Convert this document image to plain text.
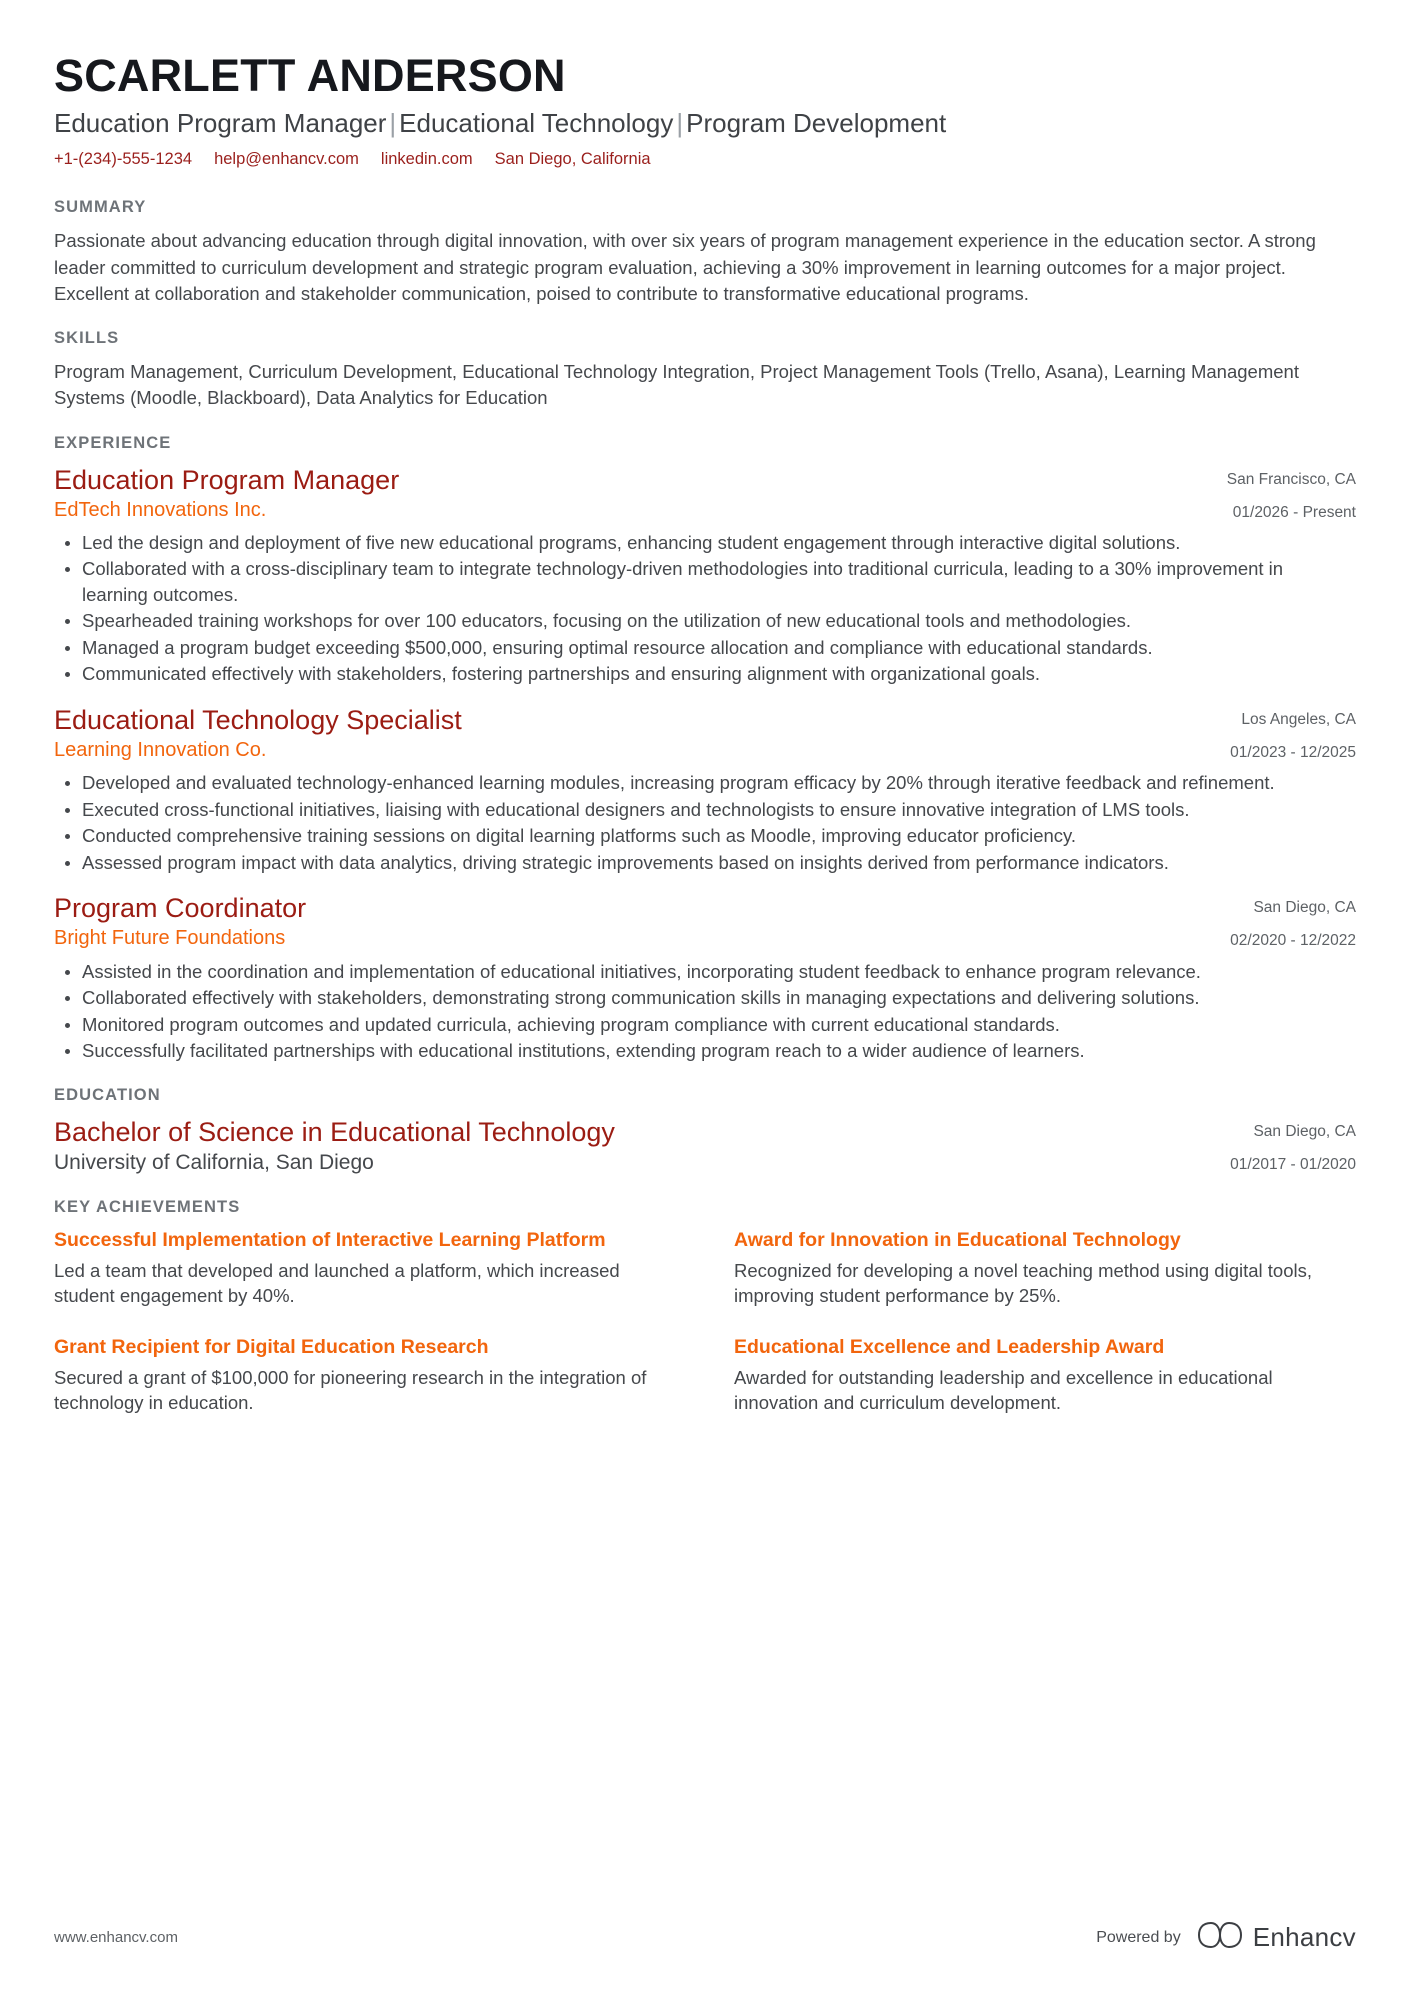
SCARLETT ANDERSON
Education Program Manager | Educational Technology | Program Development
+1-(234)-555-1234 help@enhancv.com linkedin.com San Diego, California
SUMMARY
Passionate about advancing education through digital innovation, with over six years of program management experience in the education sector. A strong leader committed to curriculum development and strategic program evaluation, achieving a 30% improvement in learning outcomes for a major project. Excellent at collaboration and stakeholder communication, poised to contribute to transformative educational programs.
SKILLS
Program Management, Curriculum Development, Educational Technology Integration, Project Management Tools (Trello, Asana), Learning Management Systems (Moodle, Blackboard), Data Analytics for Education
EXPERIENCE
Education Program Manager
EdTech Innovations Inc.
San Francisco, CA
01/2026 - Present
Led the design and deployment of five new educational programs, enhancing student engagement through interactive digital solutions.
Collaborated with a cross-disciplinary team to integrate technology-driven methodologies into traditional curricula, leading to a 30% improvement in learning outcomes.
Spearheaded training workshops for over 100 educators, focusing on the utilization of new educational tools and methodologies.
Managed a program budget exceeding $500,000, ensuring optimal resource allocation and compliance with educational standards.
Communicated effectively with stakeholders, fostering partnerships and ensuring alignment with organizational goals.
Educational Technology Specialist
Learning Innovation Co.
Los Angeles, CA
01/2023 - 12/2025
Developed and evaluated technology-enhanced learning modules, increasing program efficacy by 20% through iterative feedback and refinement.
Executed cross-functional initiatives, liaising with educational designers and technologists to ensure innovative integration of LMS tools.
Conducted comprehensive training sessions on digital learning platforms such as Moodle, improving educator proficiency.
Assessed program impact with data analytics, driving strategic improvements based on insights derived from performance indicators.
Program Coordinator
Bright Future Foundations
San Diego, CA
02/2020 - 12/2022
Assisted in the coordination and implementation of educational initiatives, incorporating student feedback to enhance program relevance.
Collaborated effectively with stakeholders, demonstrating strong communication skills in managing expectations and delivering solutions.
Monitored program outcomes and updated curricula, achieving program compliance with current educational standards.
Successfully facilitated partnerships with educational institutions, extending program reach to a wider audience of learners.
EDUCATION
Bachelor of Science in Educational Technology
University of California, San Diego
San Diego, CA
01/2017 - 01/2020
KEY ACHIEVEMENTS
Successful Implementation of Interactive Learning Platform
Led a team that developed and launched a platform, which increased student engagement by 40%.
Award for Innovation in Educational Technology
Recognized for developing a novel teaching method using digital tools, improving student performance by 25%.
Grant Recipient for Digital Education Research
Secured a grant of $100,000 for pioneering research in the integration of technology in education.
Educational Excellence and Leadership Award
Awarded for outstanding leadership and excellence in educational innovation and curriculum development.
www.enhancv.com	Powered by	Enhancv
